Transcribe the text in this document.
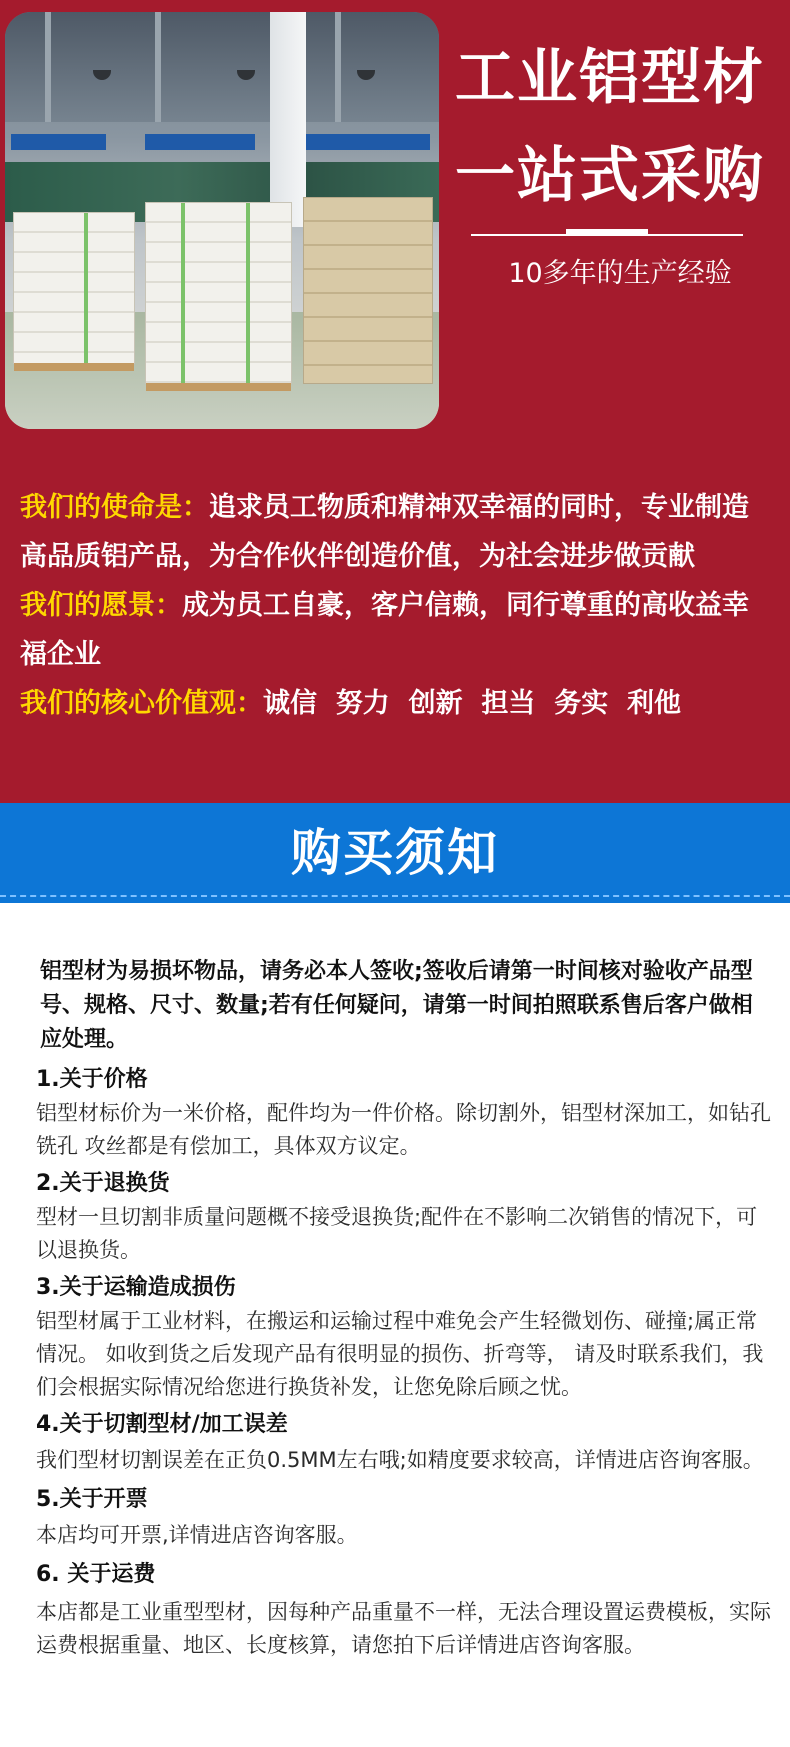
工业铝型材
一站式采购
10多年的生产经验

我们的使命是：追求员工物质和精神双幸福的同时，专业制造高品质铝产品，为合作伙伴创造价值，为社会进步做贡献

我们的愿景：成为员工自豪，客户信赖，同行尊重的高收益幸福企业

我们的核心价值观：诚信  努力  创新  担当  务实  利他

购买须知

铝型材为易损坏物品，请务必本人签收;签收后请第一时间核对验收产品型号、规格、尺寸、数量;若有任何疑问，请第一时间拍照联系售后客户做相应处理。

1.关于价格

铝型材标价为一米价格，配件均为一件价格。除切割外，铝型材深加工，如钻孔 铣孔 攻丝都是有偿加工，具体双方议定。

2.关于退换货

型材一旦切割非质量问题概不接受退换货;配件在不影响二次销售的情况下，可以退换货。

3.关于运输造成损伤

铝型材属于工业材料，在搬运和运输过程中难免会产生轻微划伤、碰撞;属正常情况。 如收到货之后发现产品有很明显的损伤、折弯等， 请及时联系我们，我们会根据实际情况给您进行换货补发，让您免除后顾之忧。

4.关于切割型材/加工误差

我们型材切割误差在正负0.5MM左右哦;如精度要求较高，详情进店咨询客服。

5.关于开票

本店均可开票,详情进店咨询客服。

6. 关于运费

本店都是工业重型型材，因每种产品重量不一样，无法合理设置运费模板，实际运费根据重量、地区、长度核算，请您拍下后详情进店咨询客服。
